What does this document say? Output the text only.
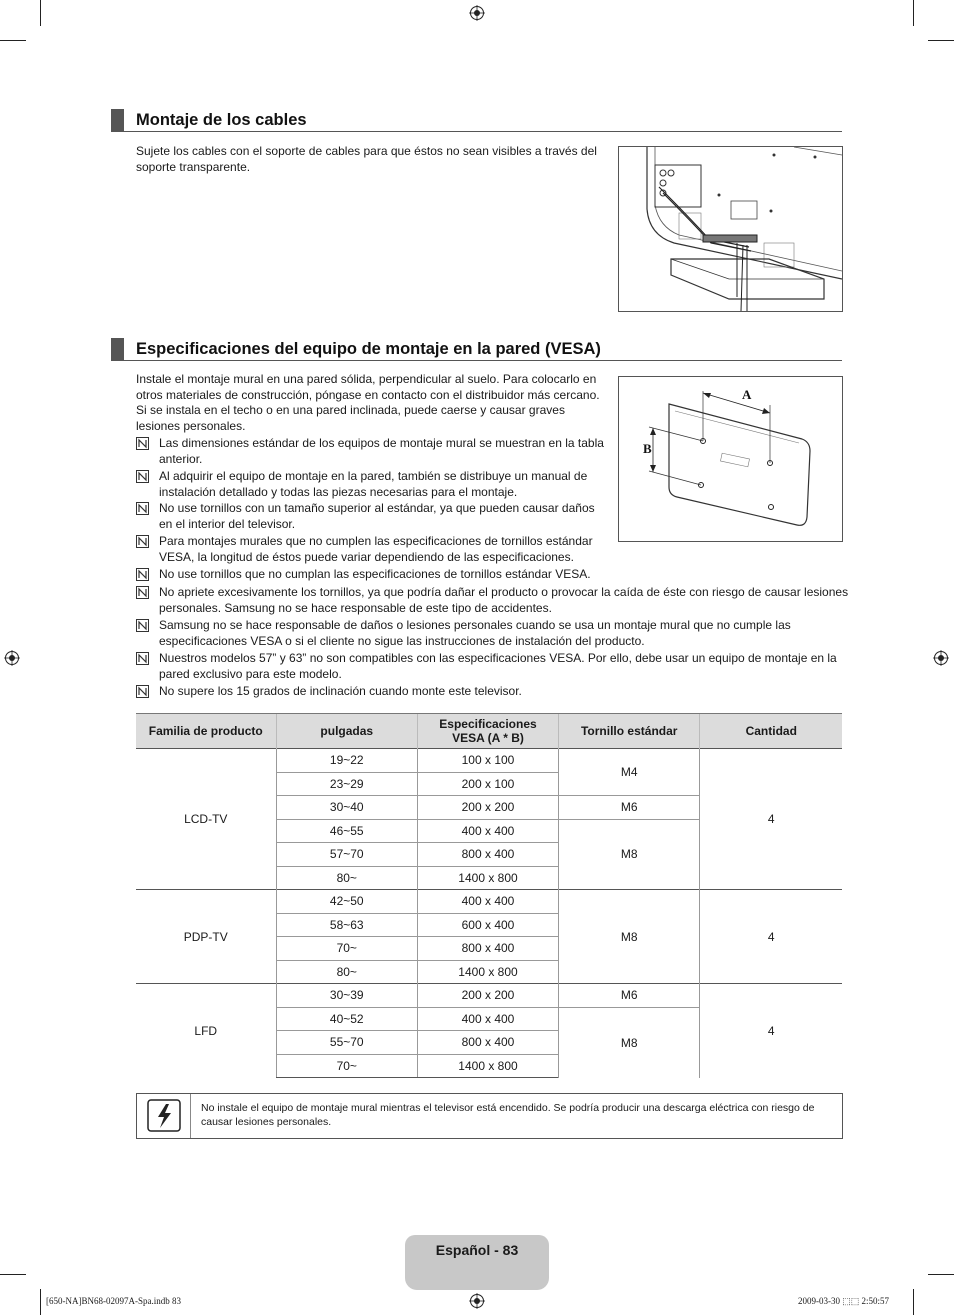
Montaje de los cables
Sujete los cables con el soporte de cables para que éstos no sean visibles a través del soporte transparente.
Especificaciones del equipo de montaje en la pared (VESA)
Instale el montaje mural en una pared sólida, perpendicular al suelo. Para colocarlo en otros materiales de construcción, póngase en contacto con el distribuidor más cercano. Si se instala en el techo o en una pared inclinada, puede caerse y causar graves lesiones personales.
A
B
Las dimensiones estándar de los equipos de montaje mural se muestran en la tabla anterior.
Al adquirir el equipo de montaje en la pared, también se distribuye un manual de instalación detallado y todas las piezas necesarias para el montaje.
No use tornillos con un tamaño superior al estándar, ya que pueden causar daños en el interior del televisor.
Para montajes murales que no cumplen las especificaciones de tornillos estándar VESA, la longitud de éstos puede variar dependiendo de las especificaciones.
No use tornillos que no cumplan las especificaciones de tornillos estándar VESA.
No apriete excesivamente los tornillos, ya que podría dañar el producto o provocar la caída de éste con riesgo de causar lesiones personales. Samsung no se hace responsable de este tipo de accidentes.
Samsung no se hace responsable de daños o lesiones personales cuando se usa un montaje mural que no cumple las especificaciones VESA o si el cliente no sigue las instrucciones de instalación del producto.
Nuestros modelos 57” y 63” no son compatibles con las especificaciones VESA. Por ello, debe usar un equipo de montaje en la pared exclusivo para este modelo.
No supere los 15 grados de inclinación cuando monte este televisor.
Familia de producto	pulgadas	Especificaciones VESA (A * B)	Tornillo estándar	Cantidad
LCD-TV	19~22	100 x 100	M4	4
	23~29	200 x 100		
	30~40	200 x 200	M6	
	46~55	400 x 400	M8	
	57~70	800 x 400		
	80~	1400 x 800		
PDP-TV	42~50	400 x 400	M8	4
	58~63	600 x 400		
	70~	800 x 400		
	80~	1400 x 800		
LFD	30~39	200 x 200	M6	4
	40~52	400 x 400	M8	
	55~70	800 x 400		
	70~	1400 x 800		
No instale el equipo de montaje mural mientras el televisor está encendido. Se podría producir una descarga eléctrica con riesgo de causar lesiones personales.
Español - 83
[650-NA]BN68-02097A-Spa.indb 83	2009-03-30 ⬚⬚ 2:50:57
